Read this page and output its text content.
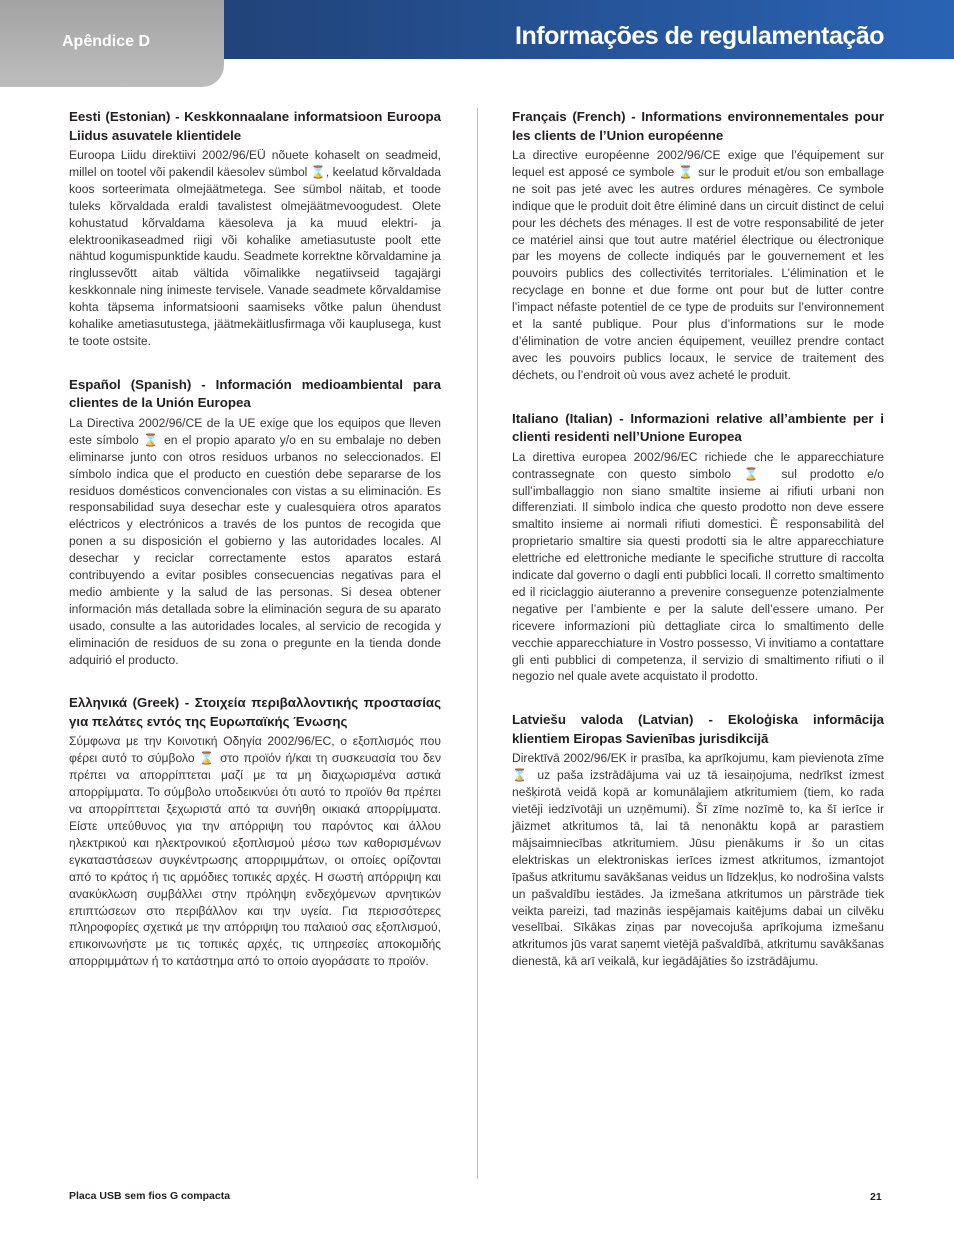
Apêndice D	Informações de regulamentação

Eesti (Estonian) - Keskkonnaalane informatsioon Euroopa Liidus asuvatele klientidele

Euroopa Liidu direktiivi 2002/96/EÜ nõuete kohaselt on seadmeid, millel on tootel või pakendil käesolev sümbol ⌛, keelatud kõrvaldada koos sorteerimata olmejäätmetega. See sümbol näitab, et toode tuleks kõrvaldada eraldi tavalistest olmejäätmevoogudest. Olete kohustatud kõrvaldama käesoleva ja ka muud elektri- ja elektroonikaseadmed riigi või kohalike ametiasutuste poolt ette nähtud kogumispunktide kaudu. Seadmete korrektne kõrvaldamine ja ringlussevõtt aitab vältida võimalikke negatiivseid tagajärgi keskkonnale ning inimeste tervisele. Vanade seadmete kõrvaldamise kohta täpsema informatsiooni saamiseks võtke palun ühendust kohalike ametiasutustega, jäätmekäitlusfirmaga või kauplusega, kust te toote ostsite.

Español (Spanish) - Información medioambiental para clientes de la Unión Europea

La Directiva 2002/96/CE de la UE exige que los equipos que lleven este símbolo ⌛ en el propio aparato y/o en su embalaje no deben eliminarse junto con otros residuos urbanos no seleccionados. El símbolo indica que el producto en cuestión debe separarse de los residuos domésticos convencionales con vistas a su eliminación. Es responsabilidad suya desechar este y cualesquiera otros aparatos eléctricos y electrónicos a través de los puntos de recogida que ponen a su disposición el gobierno y las autoridades locales. Al desechar y reciclar correctamente estos aparatos estará contribuyendo a evitar posibles consecuencias negativas para el medio ambiente y la salud de las personas. Si desea obtener información más detallada sobre la eliminación segura de su aparato usado, consulte a las autoridades locales, al servicio de recogida y eliminación de residuos de su zona o pregunte en la tienda donde adquirió el producto.

Ελληνικά (Greek) - Στοιχεία περιβαλλοντικής προστασίας για πελάτες εντός της Ευρωπαϊκής Ένωσης

Σύμφωνα με την Κοινοτική Οδηγία 2002/96/EC, ο εξοπλισμός που φέρει αυτό το σύμβολο ⌛ στο προϊόν ή/και τη συσκευασία του δεν πρέπει να απορρίπτεται μαζί με τα μη διαχωρισμένα αστικά απορρίμματα. Το σύμβολο υποδεικνύει ότι αυτό το προϊόν θα πρέπει να απορρίπτεται ξεχωριστά από τα συνήθη οικιακά απορρίμματα. Είστε υπεύθυνος για την απόρριψη του παρόντος και άλλου ηλεκτρικού και ηλεκτρονικού εξοπλισμού μέσω των καθορισμένων εγκαταστάσεων συγκέντρωσης απορριμμάτων, οι οποίες ορίζονται από το κράτος ή τις αρμόδιες τοπικές αρχές. Η σωστή απόρριψη και ανακύκλωση συμβάλλει στην πρόληψη ενδεχόμενων αρνητικών επιπτώσεων στο περιβάλλον και την υγεία. Για περισσότερες πληροφορίες σχετικά με την απόρριψη του παλαιού σας εξοπλισμού, επικοινωνήστε με τις τοπικές αρχές, τις υπηρεσίες αποκομιδής απορριμμάτων ή το κατάστημα από το οποίο αγοράσατε το προϊόν.

Français (French) - Informations environnementales pour les clients de l’Union européenne

La directive européenne 2002/96/CE exige que l’équipement sur lequel est apposé ce symbole ⌛ sur le produit et/ou son emballage ne soit pas jeté avec les autres ordures ménagères. Ce symbole indique que le produit doit être éliminé dans un circuit distinct de celui pour les déchets des ménages. Il est de votre responsabilité de jeter ce matériel ainsi que tout autre matériel électrique ou électronique par les moyens de collecte indiqués par le gouvernement et les pouvoirs publics des collectivités territoriales. L’élimination et le recyclage en bonne et due forme ont pour but de lutter contre l’impact néfaste potentiel de ce type de produits sur l’environnement et la santé publique. Pour plus d’informations sur le mode d’élimination de votre ancien équipement, veuillez prendre contact avec les pouvoirs publics locaux, le service de traitement des déchets, ou l’endroit où vous avez acheté le produit.

Italiano (Italian) - Informazioni relative all’ambiente per i clienti residenti nell’Unione Europea

La direttiva europea 2002/96/EC richiede che le apparecchiature contrassegnate con questo simbolo ⌛ sul prodotto e/o sull’imballaggio non siano smaltite insieme ai rifiuti urbani non differenziati. Il simbolo indica che questo prodotto non deve essere smaltito insieme ai normali rifiuti domestici. È responsabilità del proprietario smaltire sia questi prodotti sia le altre apparecchiature elettriche ed elettroniche mediante le specifiche strutture di raccolta indicate dal governo o dagli enti pubblici locali. Il corretto smaltimento ed il riciclaggio aiuteranno a prevenire conseguenze potenzialmente negative per l’ambiente e per la salute dell’essere umano. Per ricevere informazioni più dettagliate circa lo smaltimento delle vecchie apparecchiature in Vostro possesso, Vi invitiamo a contattare gli enti pubblici di competenza, il servizio di smaltimento rifiuti o il negozio nel quale avete acquistato il prodotto.

Latviešu valoda (Latvian) - Ekoloģiska informācija klientiem Eiropas Savienības jurisdikcijā

Direktīvā 2002/96/EK ir prasība, ka aprīkojumu, kam pievienota zīme ⌛ uz paša izstrādājuma vai uz tā iesaiņojuma, nedrīkst izmest nešķirotā veidā kopā ar komunālajiem atkritumiem (tiem, ko rada vietēji iedzīvotāji un uzņēmumi). Šī zīme nozīmē to, ka šī ierīce ir jāizmet atkritumos tā, lai tā nenonāktu kopā ar parastiem mājsaimniecības atkritumiem. Jūsu pienākums ir šo un citas elektriskas un elektroniskas ierīces izmest atkritumos, izmantojot īpašus atkritumu savākšanas veidus un līdzekļus, ko nodrošina valsts un pašvaldību iestādes. Ja izmešana atkritumos un pārstrāde tiek veikta pareizi, tad mazinās iespējamais kaitējums dabai un cilvēku veselībai. Sīkākas ziņas par novecojuša aprīkojuma izmešanu atkritumos jūs varat saņemt vietējā pašvaldībā, atkritumu savākšanas dienestā, kā arī veikalā, kur iegādājāties šo izstrādājumu.

Placa USB sem fios G compacta	21
